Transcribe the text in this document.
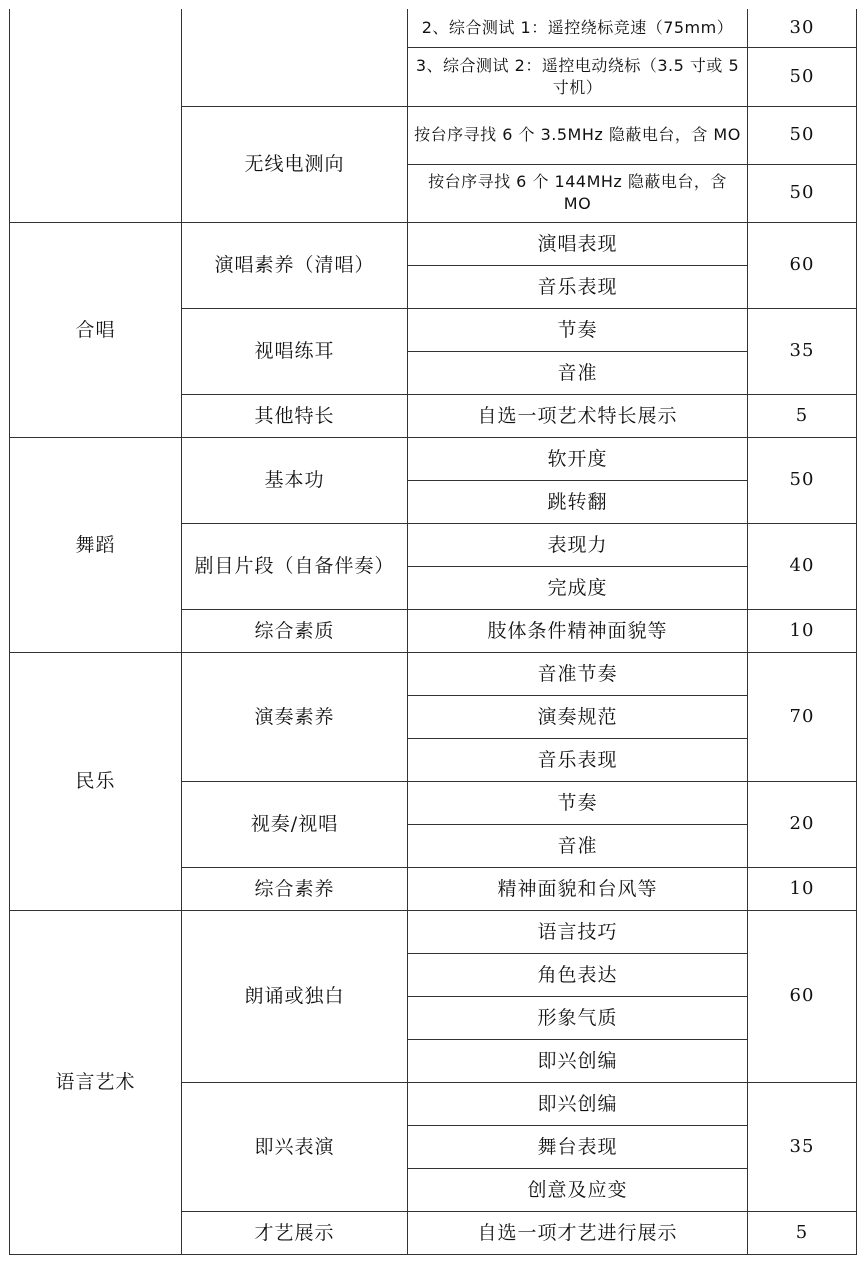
		2、综合测试 1：遥控绕标竞速（75mm）	30
		3、综合测试 2：遥控电动绕标（3.5 寸或 5 寸机）	50
	无线电测向	按台序寻找 6 个 3.5MHz 隐蔽电台，含 MO	50
		按台序寻找 6 个 144MHz 隐蔽电台，含 MO	50
合唱	演唱素养（清唱）	演唱表现	60
		音乐表现	
	视唱练耳	节奏	35
		音准	
	其他特长	自选一项艺术特长展示	5
舞蹈	基本功	软开度	50
		跳转翻	
	剧目片段（自备伴奏）	表现力	40
		完成度	
	综合素质	肢体条件精神面貌等	10
民乐	演奏素养	音准节奏	70
		演奏规范	
		音乐表现	
	视奏/视唱	节奏	20
		音准	
	综合素养	精神面貌和台风等	10
语言艺术	朗诵或独白	语言技巧	60
		角色表达	
		形象气质	
		即兴创编	
	即兴表演	即兴创编	35
		舞台表现	
		创意及应变	
	才艺展示	自选一项才艺进行展示	5
